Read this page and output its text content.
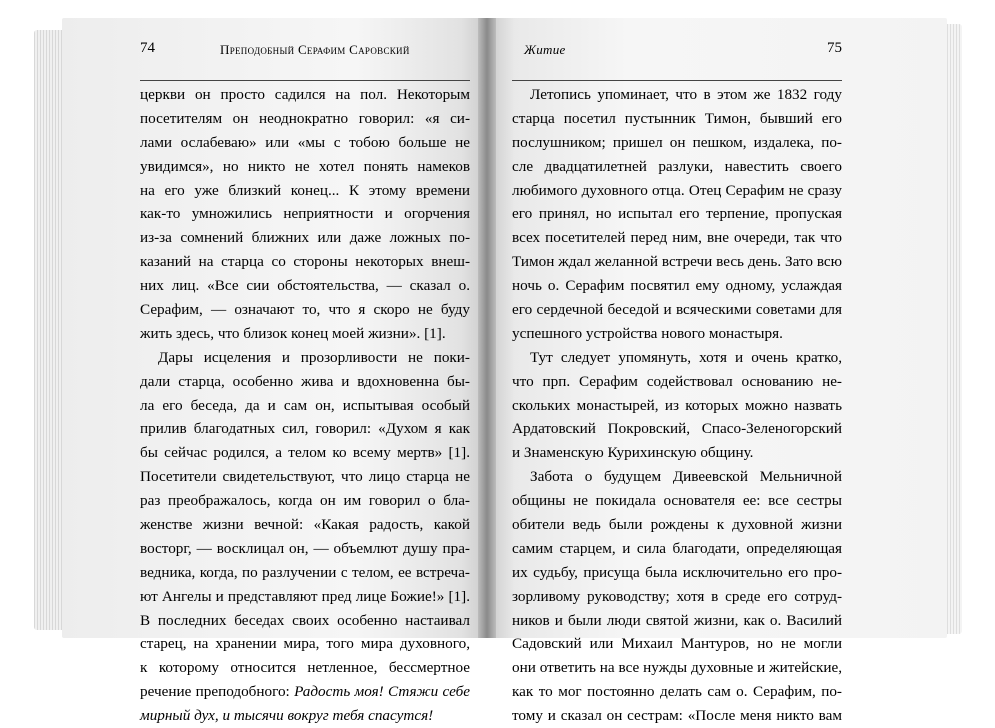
74	Преподобный Серафим Саровский	Житие	75
церкви он просто садился на пол. Некоторым
посетителям он неоднократно говорил: «я си-
лами ослабеваю» или «мы с тобою больше не
увидимся», но никто не хотел понять намеков
на его уже близкий конец... К этому времени
как-то умножились неприятности и огорчения
из-за сомнений ближних или даже ложных по-
казаний на старца со стороны некоторых внеш-
них лиц. «Все сии обстоятельства, — сказал о.
Серафим, — означают то, что я скоро не буду
жить здесь, что близок конец моей жизни». [1].
Дары исцеления и прозорливости не поки-
дали старца, особенно жива и вдохновенна бы-
ла его беседа, да и сам он, испытывая особый
прилив благодатных сил, говорил: «Духом я как
бы сейчас родился, а телом ко всему мертв» [1].
Посетители свидетельствуют, что лицо старца не
раз преображалось, когда он им говорил о бла-
женстве жизни вечной: «Какая радость, какой
восторг, — восклицал он, — объемлют душу пра-
ведника, когда, по разлучении с телом, ее встреча-
ют Ангелы и представляют пред лице Божие!» [1].
В последних беседах своих особенно настаивал
старец, на хранении мира, того мира духовного,
к которому относится нетленное, бессмертное
речение преподобного: Радость моя! Стяжи себе
мирный дух, и тысячи вокруг тебя спасутся!
Летопись упоминает, что в этом же 1832 году
старца посетил пустынник Тимон, бывший его
послушником; пришел он пешком, издалека, по-
сле двадцатилетней разлуки, навестить своего
любимого духовного отца. Отец Серафим не сразу
его принял, но испытал его терпение, пропуская
всех посетителей перед ним, вне очереди, так что
Тимон ждал желанной встречи весь день. Зато всю
ночь о. Серафим посвятил ему одному, услаждая
его сердечной беседой и всяческими советами для
успешного устройства нового монастыря.
Тут следует упомянуть, хотя и очень кратко,
что прп. Серафим содействовал основанию не-
скольких монастырей, из которых можно назвать
Ардатовский Покровский, Спасо-Зеленогорский
и Знаменскую Курихинскую общину.
Забота о будущем Дивеевской Мельничной
общины не покидала основателя ее: все сестры
обители ведь были рождены к духовной жизни
самим старцем, и сила благодати, определяющая
их судьбу, присуща была исключительно его про-
зорливому руководству; хотя в среде его сотруд-
ников и были люди святой жизни, как о. Василий
Садовский или Михаил Мантуров, но не могли
они ответить на все нужды духовные и житейские,
как то мог постоянно делать сам о. Серафим, по-
тому и сказал он сестрам: «После меня никто вам
